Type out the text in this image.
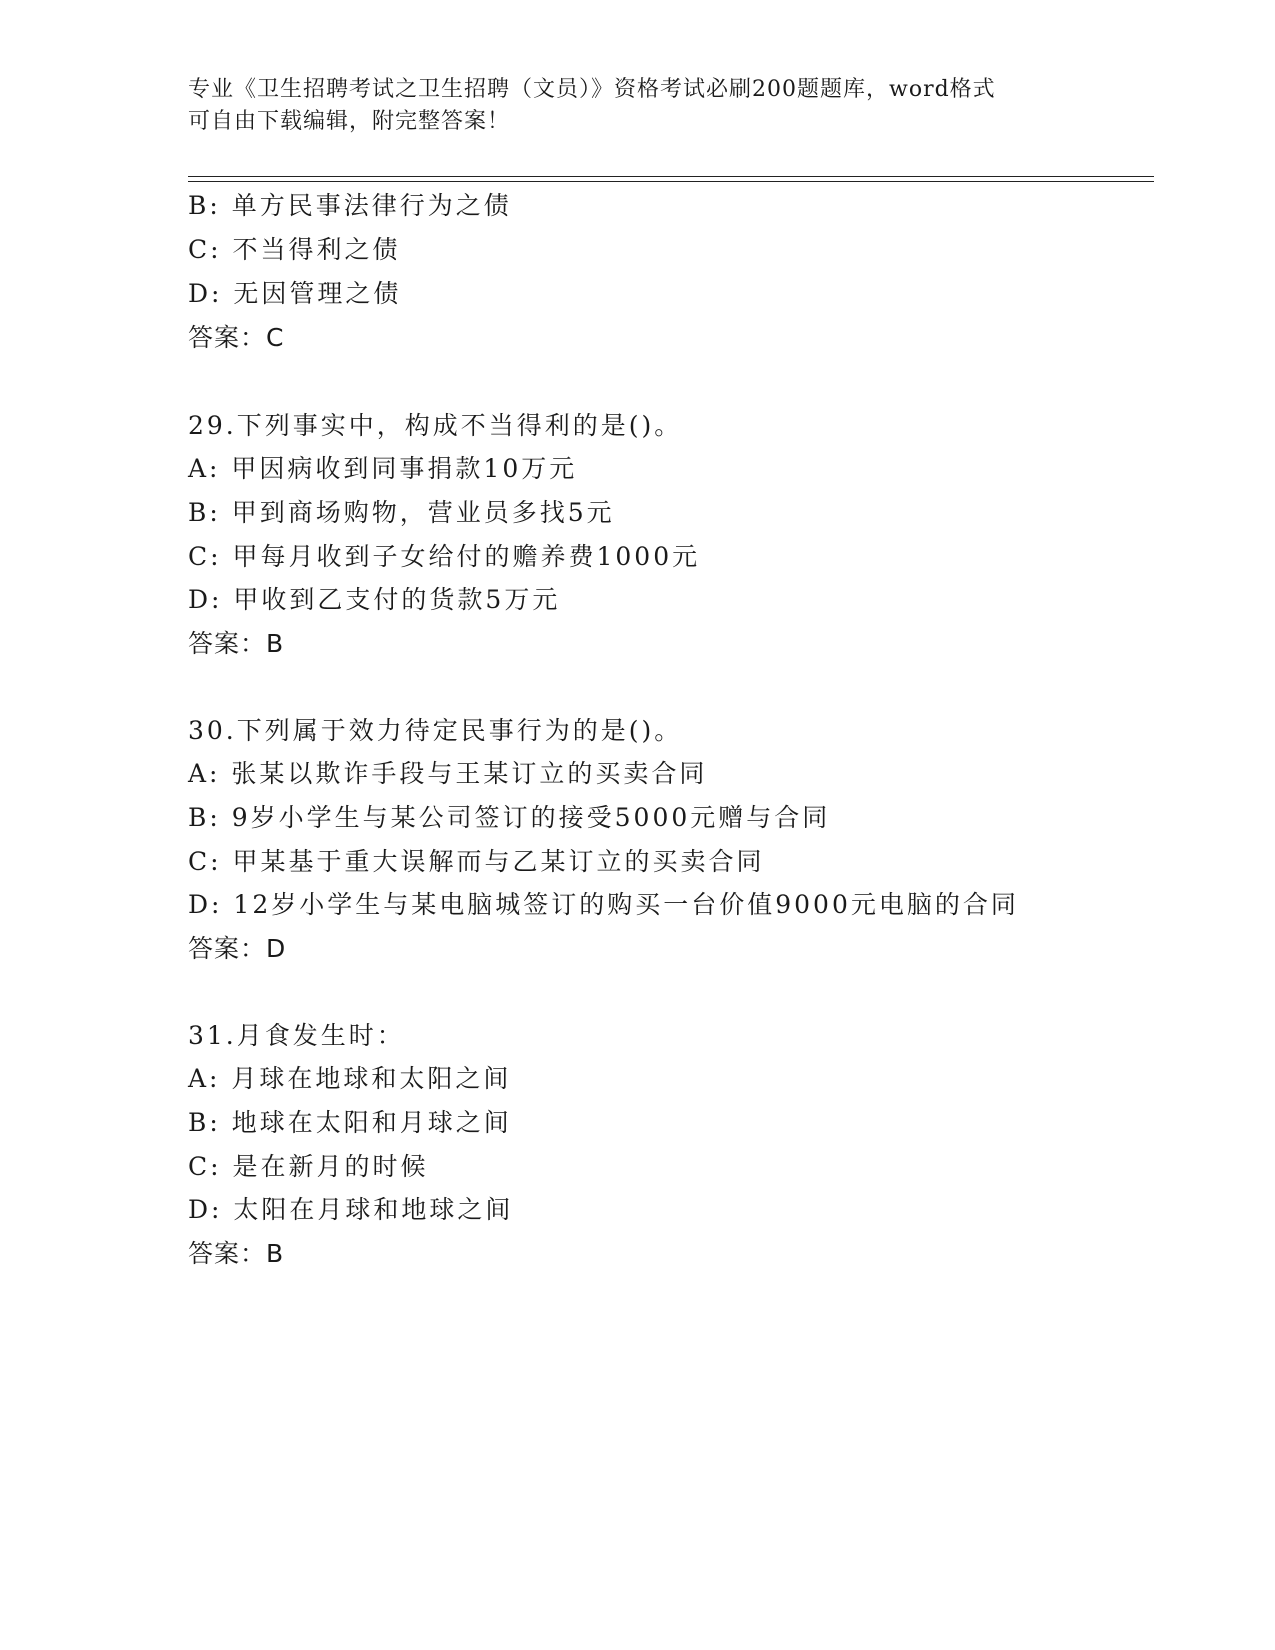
专业《卫生招聘考试之卫生招聘（文员）》资格考试必刷200题题库，word格式
可自由下载编辑，附完整答案！
B: 单方民事法律行为之债
C: 不当得利之债
D: 无因管理之债
答案：C
29.下列事实中，构成不当得利的是()。
A: 甲因病收到同事捐款10万元
B: 甲到商场购物，营业员多找5元
C: 甲每月收到子女给付的赡养费1000元
D: 甲收到乙支付的货款5万元
答案：B
30.下列属于效力待定民事行为的是()。
A: 张某以欺诈手段与王某订立的买卖合同
B: 9岁小学生与某公司签订的接受5000元赠与合同
C: 甲某基于重大误解而与乙某订立的买卖合同
D: 12岁小学生与某电脑城签订的购买一台价值9000元电脑的合同
答案：D
31.月食发生时：
A: 月球在地球和太阳之间
B: 地球在太阳和月球之间
C: 是在新月的时候
D: 太阳在月球和地球之间
答案：B
